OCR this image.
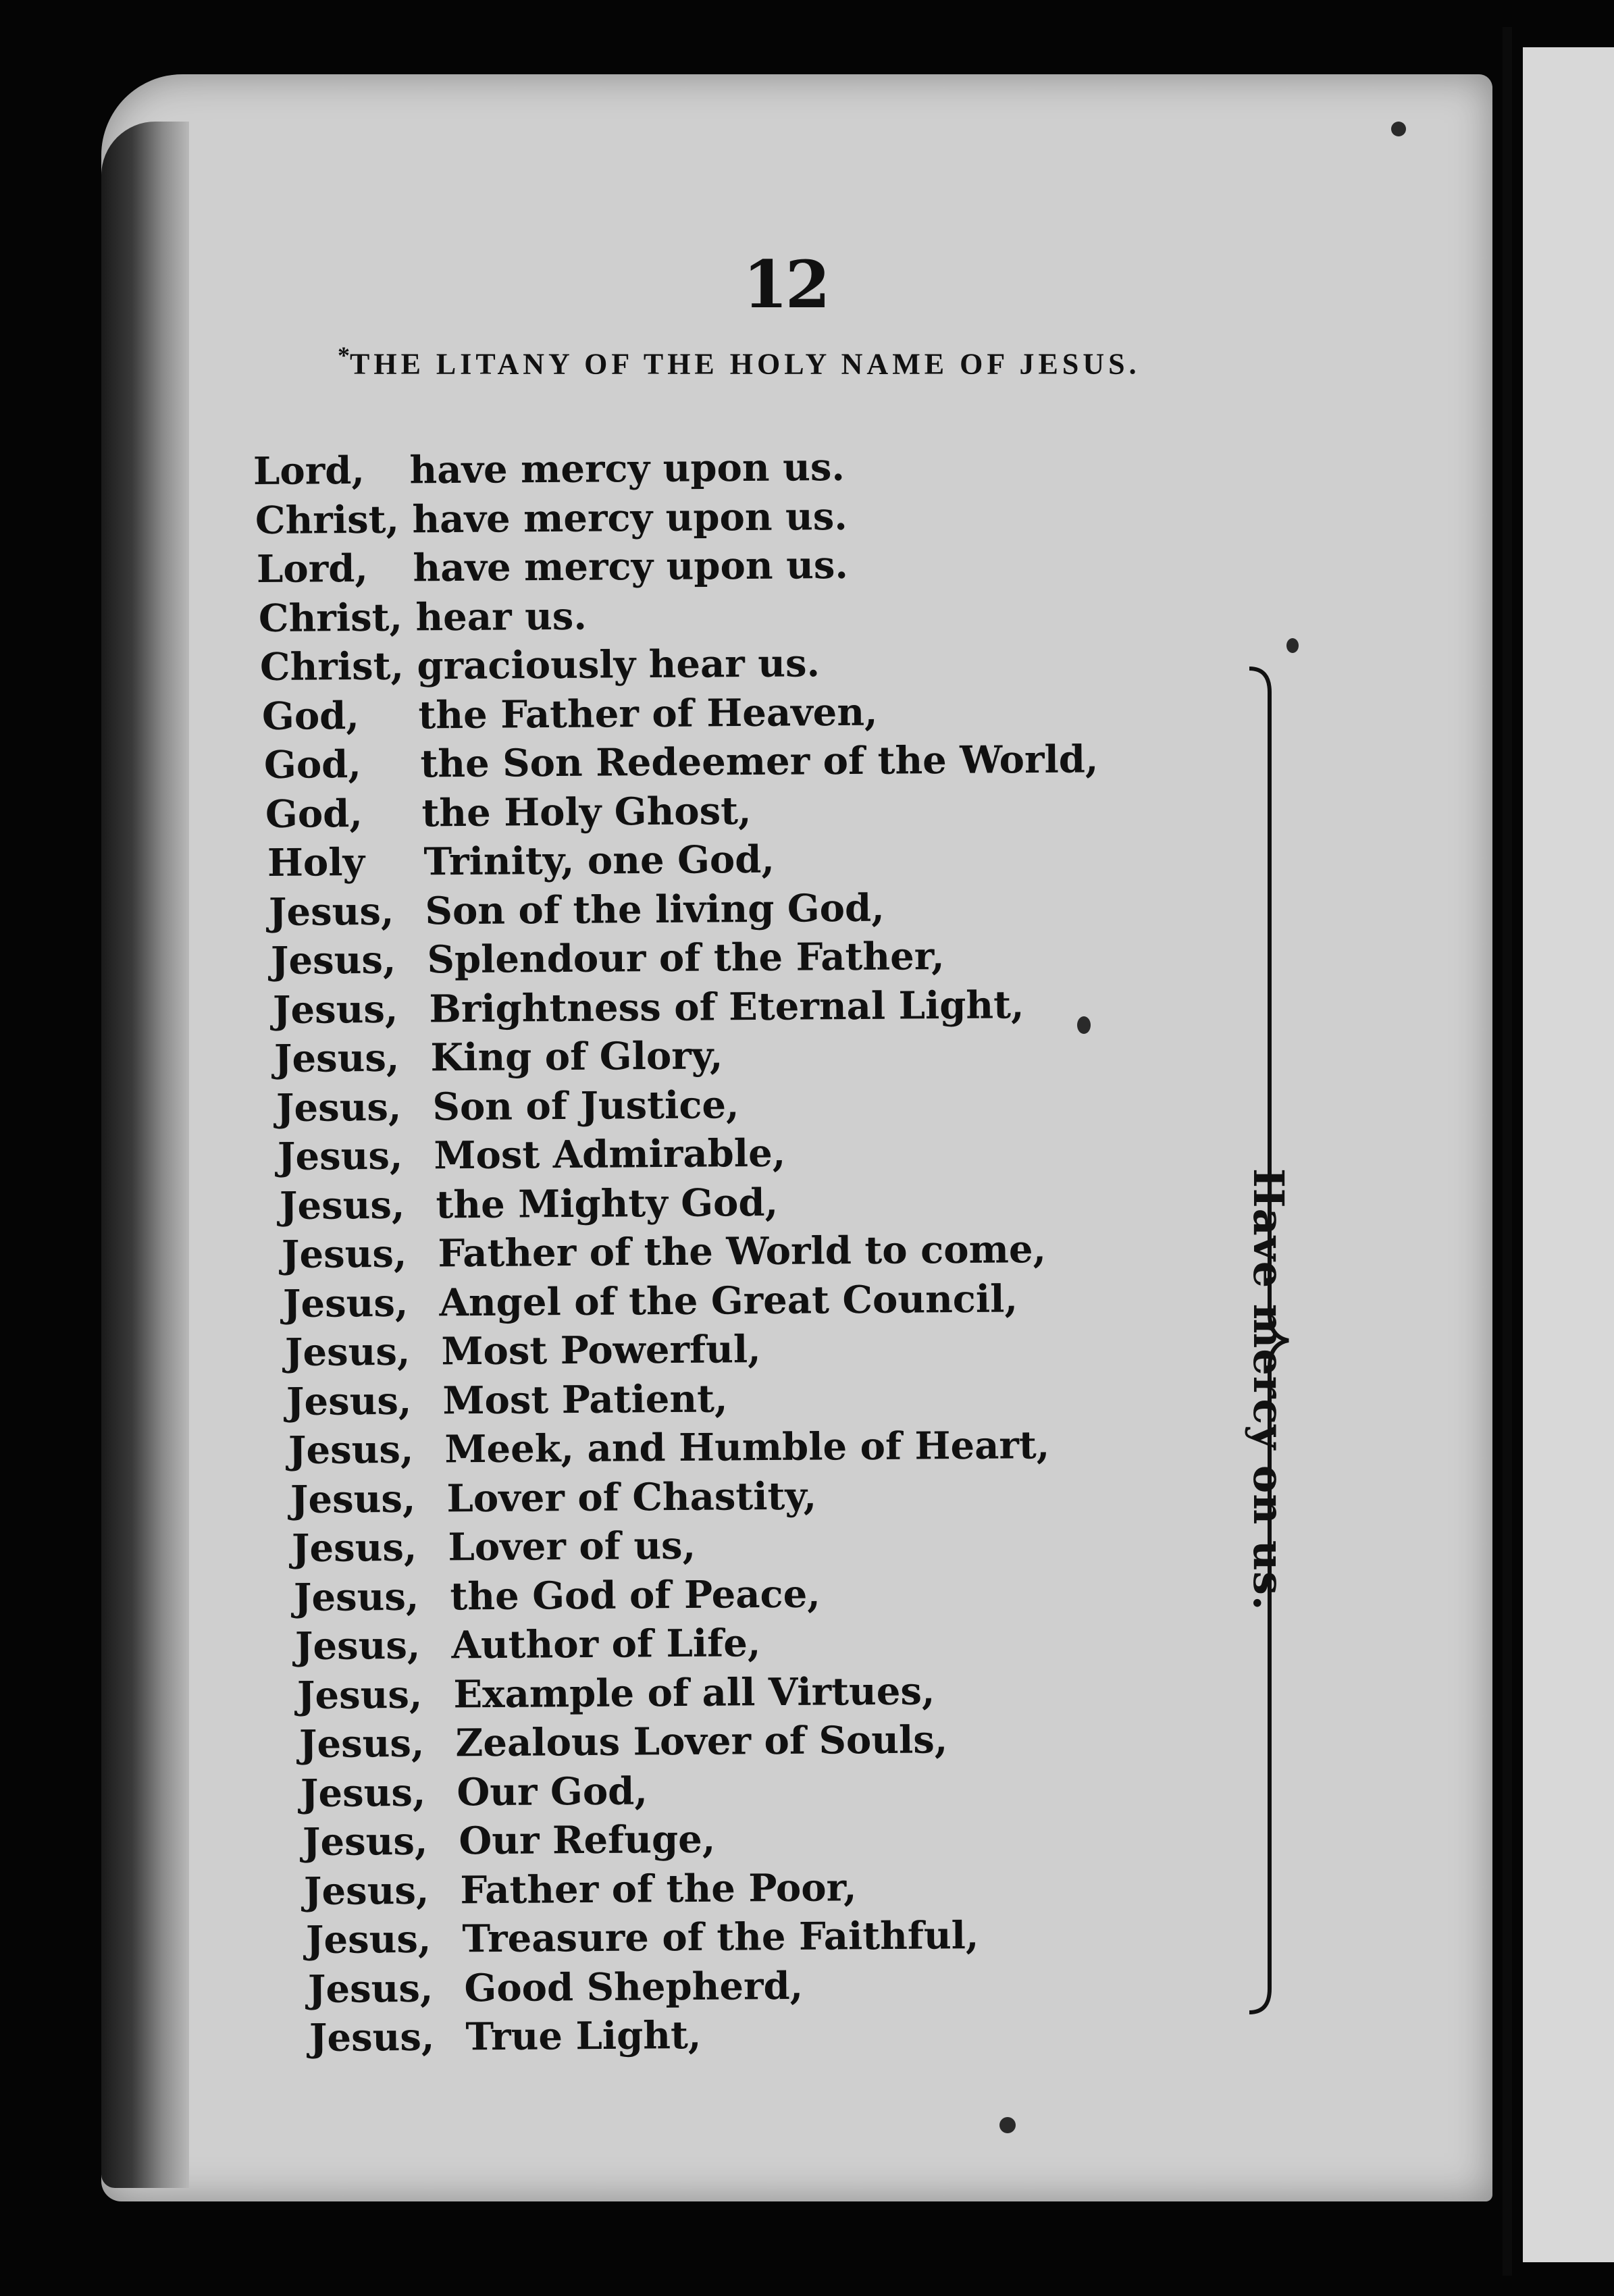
12
*THE LITANY OF THE HOLY NAME OF JESUS.
Lord, have mercy upon us.
Christ, have mercy upon us.
Lord, have mercy upon us.
Christ, hear us.
Christ, graciously hear us.
God, the Father of Heaven,
God, the Son Redeemer of the World,
God, the Holy Ghost,
Holy Trinity, one God,
Jesus, Son of the living God,
Jesus, Splendour of the Father,
Jesus, Brightness of Eternal Light,
Jesus, King of Glory,
Jesus, Son of Justice,
Jesus, Most Admirable,
Jesus, the Mighty God,
Jesus, Father of the World to come,
Jesus, Angel of the Great Council,
Jesus, Most Powerful,
Jesus, Most Patient,
Jesus, Meek, and Humble of Heart,
Jesus, Lover of Chastity,
Jesus, Lover of us,
Jesus, the God of Peace,
Jesus, Author of Life,
Jesus, Example of all Virtues,
Jesus, Zealous Lover of Souls,
Jesus, Our God,
Jesus, Our Refuge,
Jesus, Father of the Poor,
Jesus, Treasure of the Faithful,
Jesus, Good Shepherd,
Jesus, True Light,
Have mercy on us.
